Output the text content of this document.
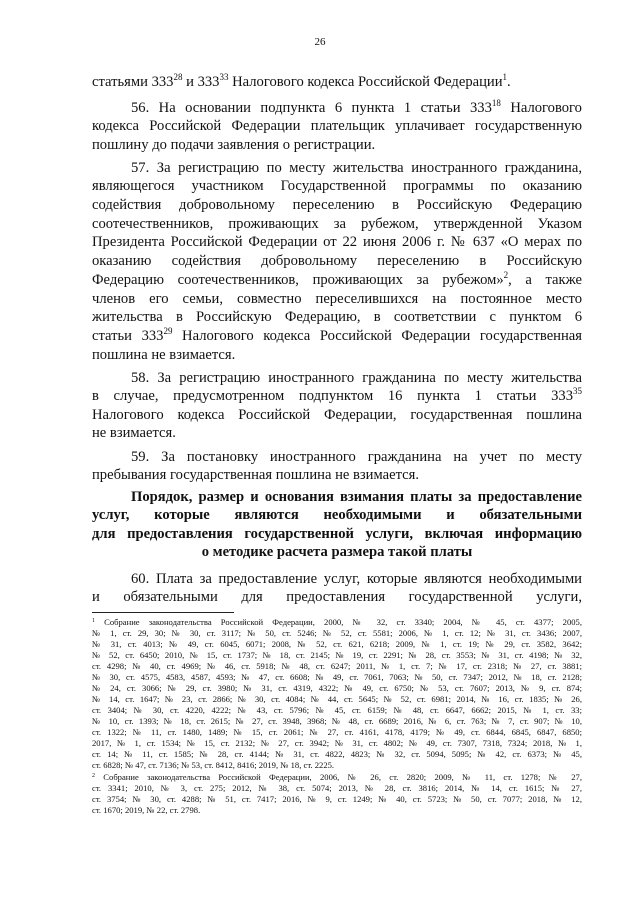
26
статьями $333^{28}$ и $333^{33}$ Налогового кодекса Российской Федерации$^1$.
56. На основании подпункта 6 пункта 1 статьи $333^{18}$ Налогового
кодекса Российской Федерации плательщик уплачивает государственную
пошлину до подачи заявления о регистрации.
57. За регистрацию по месту жительства иностранного гражданина,
являющегося участником Государственной программы по оказанию
содействия добровольному переселению в Российскую Федерацию
соотечественников, проживающих за рубежом, утвержденной Указом
Президента Российской Федерации от 22 июня 2006 г. № 637 «О мерах по
оказанию содействия добровольному переселению в Российскую
Федерацию соотечественников, проживающих за рубежом»$^2$, а также
членов его семьи, совместно переселившихся на постоянное место
жительства в Российскую Федерацию, в соответствии с пунктом 6
статьи $333^{29}$ Налогового кодекса Российской Федерации государственная
пошлина не взимается.
58. За регистрацию иностранного гражданина по месту жительства
в случае, предусмотренном подпунктом 16 пункта 1 статьи $333^{35}$
Налогового кодекса Российской Федерации, государственная пошлина
не взимается.
59. За постановку иностранного гражданина на учет по месту
пребывания государственная пошлина не взимается.
Порядок, размер и основания взимания платы за предоставление
услуг, которые являются необходимыми и обязательными
для предоставления государственной услуги, включая информацию
о методике расчета размера такой платы
60. Плата за предоставление услуг, которые являются необходимыми
и обязательными для предоставления государственной услуги,
$^1$ Собрание законодательства Российской Федерации, 2000, № 32, ст. 3340; 2004, № 45, ст. 4377; 2005,
№ 1, ст. 29, 30; № 30, ст. 3117; № 50, ст. 5246; № 52, ст. 5581; 2006, № 1, ст. 12; № 31, ст. 3436; 2007,
№ 31, ст. 4013; № 49, ст. 6045, 6071; 2008, № 52, ст. 621, 6218; 2009, № 1, ст. 19; № 29, ст. 3582, 3642;
№ 52, ст. 6450; 2010, № 15, ст. 1737; № 18, ст. 2145; № 19, ст. 2291; № 28, ст. 3553; № 31, ст. 4198; № 32,
ст. 4298; № 40, ст. 4969; № 46, ст. 5918; № 48, ст. 6247; 2011, № 1, ст. 7; № 17, ст. 2318; № 27, ст. 3881;
№ 30, ст. 4575, 4583, 4587, 4593; № 47, ст. 6608; № 49, ст. 7061, 7063; № 50, ст. 7347; 2012, № 18, ст. 2128;
№ 24, ст. 3066; № 29, ст. 3980; № 31, ст. 4319, 4322; № 49, ст. 6750; № 53, ст. 7607; 2013, № 9, ст. 874;
№ 14, ст. 1647; № 23, ст. 2866; № 30, ст. 4084; № 44, ст. 5645; № 52, ст. 6981; 2014, № 16, ст. 1835; № 26,
ст. 3404; № 30, ст. 4220, 4222; № 43, ст. 5796; № 45, ст. 6159; № 48, ст. 6647, 6662; 2015, № 1, ст. 33;
№ 10, ст. 1393; № 18, ст. 2615; № 27, ст. 3948, 3968; № 48, ст. 6689; 2016, № 6, ст. 763; № 7, ст. 907; № 10,
ст. 1322; № 11, ст. 1480, 1489; № 15, ст. 2061; № 27, ст. 4161, 4178, 4179; № 49, ст. 6844, 6845, 6847, 6850;
2017, № 1, ст. 1534; № 15, ст. 2132; № 27, ст. 3942; № 31, ст. 4802; № 49, ст. 7307, 7318, 7324; 2018, № 1,
ст. 14; № 11, ст. 1585; № 28, ст. 4144; № 31, ст. 4822, 4823; № 32, ст. 5094, 5095; № 42, ст. 6373; № 45,
ст. 6828; № 47, ст. 7136; № 53, ст. 8412, 8416; 2019, № 18, ст. 2225.
$^2$ Собрание законодательства Российской Федерации, 2006, № 26, ст. 2820; 2009, № 11, ст. 1278; № 27,
ст. 3341; 2010, № 3, ст. 275; 2012, № 38, ст. 5074; 2013, № 28, ст. 3816; 2014, № 14, ст. 1615; № 27,
ст. 3754; № 30, ст. 4288; № 51, ст. 7417; 2016, № 9, ст. 1249; № 40, ст. 5723; № 50, ст. 7077; 2018, № 12,
ст. 1670; 2019, № 22, ст. 2798.
